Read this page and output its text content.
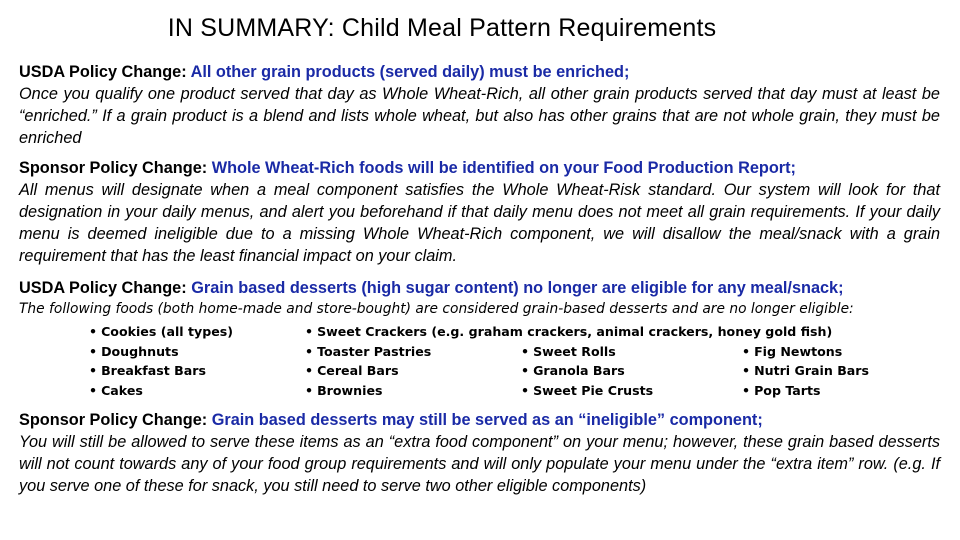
IN SUMMARY: Child Meal Pattern Requirements
USDA Policy Change: All other grain products (served daily) must be enriched;
Once you qualify one product served that day as Whole Wheat-Rich, all other grain products served that day must at least be “enriched.” If a grain product is a blend and lists whole wheat, but also has other grains that are not whole grain, they must be enriched
Sponsor Policy Change: Whole Wheat-Rich foods will be identified on your Food Production Report;
All menus will designate when a meal component satisfies the Whole Wheat-Risk standard. Our system will look for that designation in your daily menus, and alert you beforehand if that daily menu does not meet all grain requirements. If your daily menu is deemed ineligible due to a missing Whole Wheat-Rich component, we will disallow the meal/snack with a grain requirement that has the least financial impact on your claim.
USDA Policy Change: Grain based desserts (high sugar content) no longer are eligible for any meal/snack;
The following foods (both home-made and store-bought) are considered grain-based desserts and are no longer eligible:
• Cookies (all types)	• Sweet Crackers (e.g. graham crackers, animal crackers, honey gold fish)
• Doughnuts	• Toaster Pastries	• Sweet Rolls	• Fig Newtons
• Breakfast Bars	• Cereal Bars	• Granola Bars	• Nutri Grain Bars
• Cakes	• Brownies	• Sweet Pie Crusts	• Pop Tarts
Sponsor Policy Change: Grain based desserts may still be served as an “ineligible” component;
You will still be allowed to serve these items as an “extra food component” on your menu; however, these grain based desserts will not count towards any of your food group requirements and will only populate your menu under the “extra item” row. (e.g. If you serve one of these for snack, you still need to serve two other eligible components)
